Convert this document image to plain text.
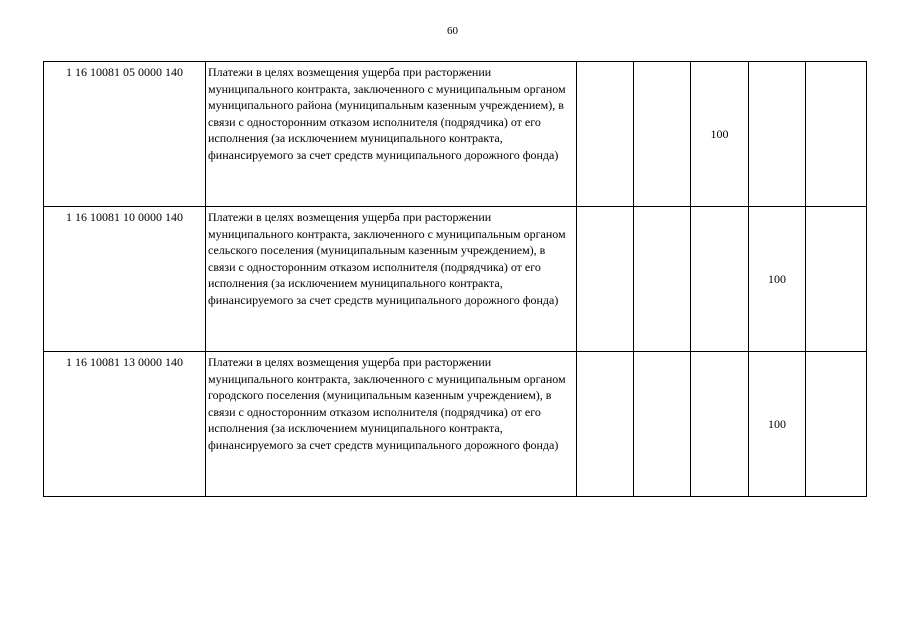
60
1 16 10081 05 0000 140	Платежи в целях возмещения ущерба при расторжении муниципального контракта, заключенного с муниципальным органом муниципального района (муниципальным казенным учреждением), в связи с односторонним отказом исполнителя (подрядчика) от его исполнения (за исключением муниципального контракта, финансируемого за счет средств муниципального дорожного фонда)			100		
1 16 10081 10 0000 140	Платежи в целях возмещения ущерба при расторжении муниципального контракта, заключенного с муниципальным органом сельского поселения (муниципальным казенным учреждением), в связи с односторонним отказом исполнителя (подрядчика) от его исполнения (за исключением муниципального контракта, финансируемого за счет средств муниципального дорожного фонда)				100	
1 16 10081 13 0000 140	Платежи в целях возмещения ущерба при расторжении муниципального контракта, заключенного с муниципальным органом городского поселения (муниципальным казенным учреждением), в связи с односторонним отказом исполнителя (подрядчика) от его исполнения (за исключением муниципального контракта, финансируемого за счет средств муниципального дорожного фонда)				100	
